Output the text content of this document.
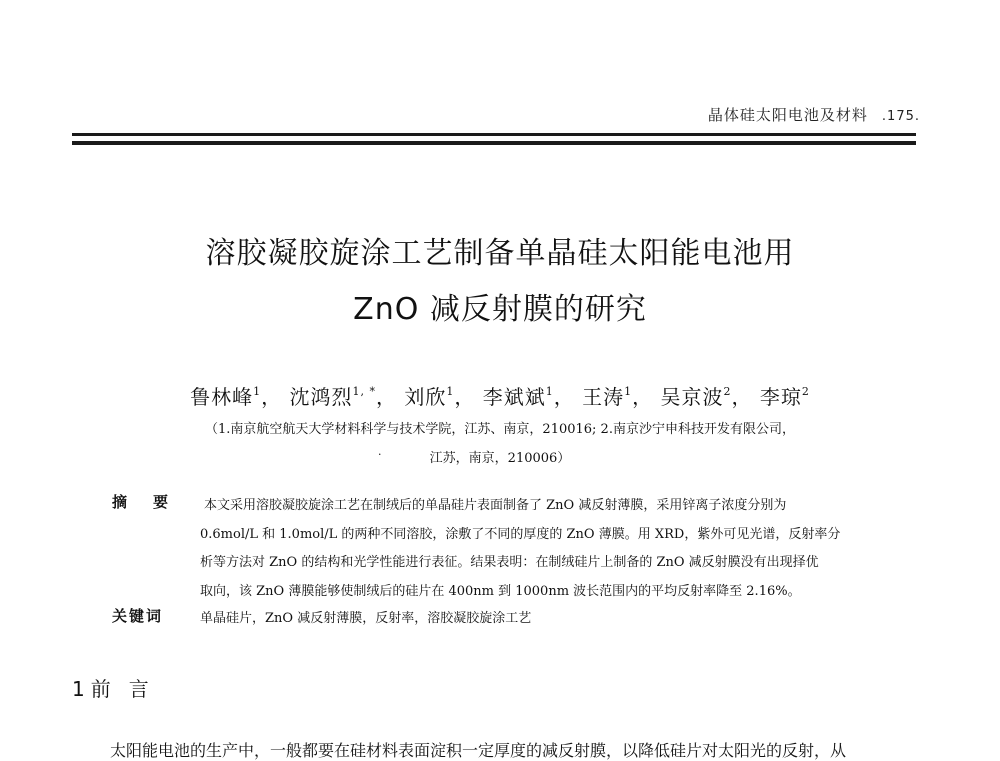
晶体硅太阳电池及材料 .175.
溶胶凝胶旋涂工艺制备单晶硅太阳能电池用
ZnO 减反射膜的研究
鲁林峰$^1$， 沈鸿烈$^{1, *}$， 刘欣$^1$， 李斌斌$^1$， 王涛$^1$， 吴京波$^2$， 李琼$^2$
（1.南京航空航天大学材料科学与技术学院，江苏、南京，210016; 2.南京沙宁申科技开发有限公司，
·	江苏，南京，210006）
摘要 本文采用溶胶凝胶旋涂工艺在制绒后的单晶硅片表面制备了 ZnO 减反射薄膜，采用锌离子浓度分别为
0.6mol/L 和 1.0mol/L 的两种不同溶胶，涂敷了不同的厚度的 ZnO 薄膜。用 XRD，紫外可见光谱，反射率分
析等方法对 ZnO 的结构和光学性能进行表征。结果表明：在制绒硅片上制备的 ZnO 减反射膜没有出现择优
取向，该 ZnO 薄膜能够使制绒后的硅片在 400nm 到 1000nm 波长范围内的平均反射率降至 2.16%。
关键词	单晶硅片，ZnO 减反射薄膜，反射率，溶胶凝胶旋涂工艺
1 前言
太阳能电池的生产中，一般都要在硅材料表面淀积一定厚度的减反射膜，以降低硅片对太阳光的反射，从
